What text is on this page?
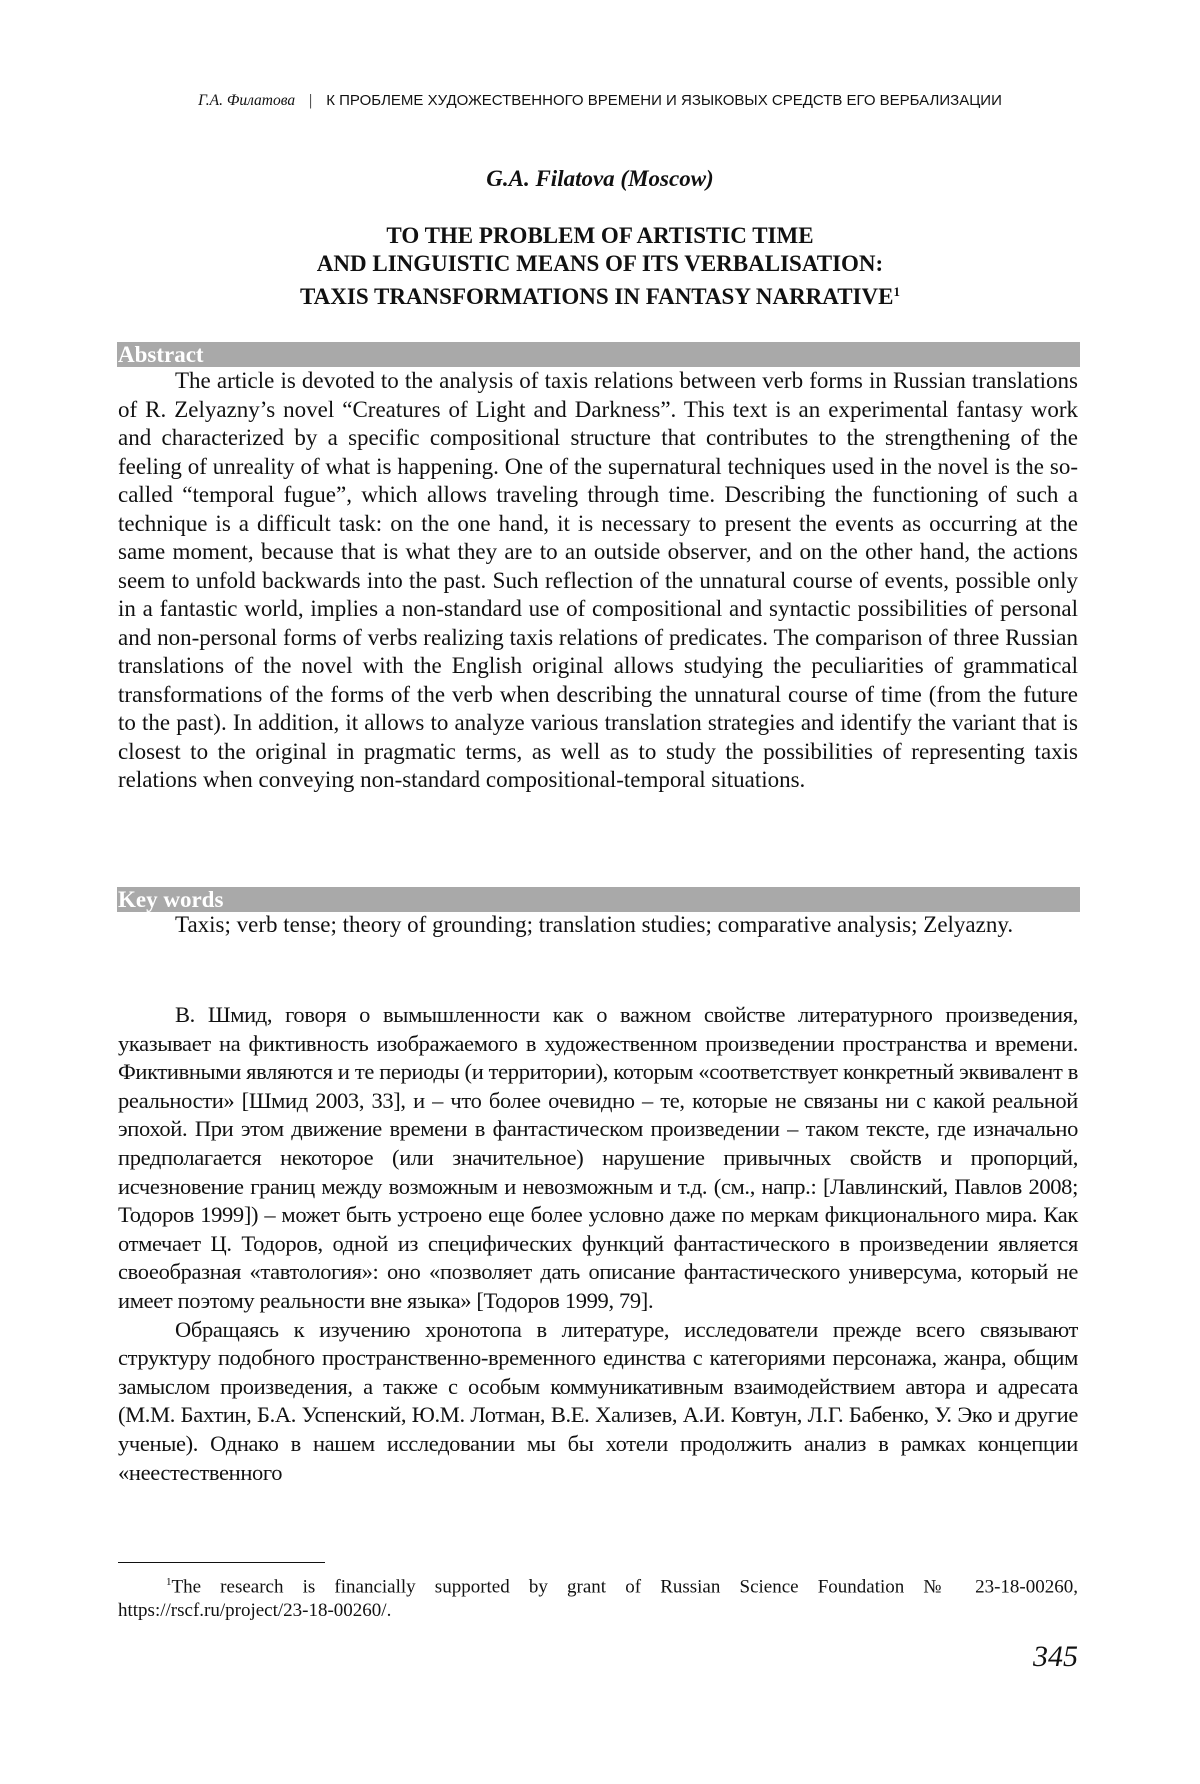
Г.А. Филатова | К ПРОБЛЕМЕ ХУДОЖЕСТВЕННОГО ВРЕМЕНИ И ЯЗЫКОВЫХ СРЕДСТВ ЕГО ВЕРБАЛИЗАЦИИ
G.A. Filatova (Moscow)
TO THE PROBLEM OF ARTISTIC TIME
AND LINGUISTIC MEANS OF ITS VERBALISATION:
TAXIS TRANSFORMATIONS IN FANTASY NARRATIVE$^1$
Abstract

The article is devoted to the analysis of taxis relations between verb forms in Russian translations of R. Zelyazny’s novel “Creatures of Light and Darkness”. This text is an experimental fantasy work and characterized by a specific compositional structure that contributes to the strengthening of the feeling of unreality of what is happening. One of the supernatural techniques used in the novel is the so-called “temporal fugue”, which allows traveling through time. Describing the functioning of such a technique is a difficult task: on the one hand, it is necessary to present the events as occurring at the same moment, because that is what they are to an outside observer, and on the other hand, the actions seem to unfold backwards into the past. Such reflection of the unnatural course of events, possible only in a fantastic world, implies a non-standard use of compositional and syntactic possibilities of personal and non-personal forms of verbs realizing taxis relations of predicates. The comparison of three Russian translations of the novel with the English original allows studying the peculiarities of grammatical transformations of the forms of the verb when describing the unnatural course of time (from the future to the past). In addition, it allows to analyze various translation strategies and identify the variant that is closest to the original in pragmatic terms, as well as to study the possibilities of representing taxis relations when conveying non-standard compositional-temporal situations.

Key words

Taxis; verb tense; theory of grounding; translation studies; comparative analysis; Zelyazny.

В. Шмид, говоря о вымышленности как о важном свойстве литературного произведения, указывает на фиктивность изображаемого в художественном произведении пространства и времени. Фиктивными являются и те периоды (и территории), которым «соответствует конкретный эквивалент в реальности» [Шмид 2003, 33], и – что более очевидно – те, которые не связаны ни с какой реальной эпохой. При этом движение времени в фантастическом произведении – таком тексте, где изначально предполагается некоторое (или значительное) нарушение привычных свойств и пропорций, исчезновение границ между возможным и невозможным и т.д. (см., напр.: [Лавлинский, Павлов 2008; Тодоров 1999]) – может быть устроено еще более условно даже по меркам фикционального мира. Как отмечает Ц. Тодоров, одной из специфических функций фантастического в произведении является своеобразная «тавтология»: оно «позволяет дать описание фантастического универсума, который не имеет поэтому реальности вне языка» [Тодоров 1999, 79].

Обращаясь к изучению хронотопа в литературе, исследователи прежде всего связывают структуру подобного пространственно-временного единства с категориями персонажа, жанра, общим замыслом произведения, а также с особым коммуникативным взаимодействием автора и адресата (М.М. Бахтин, Б.А. Успенский, Ю.М. Лотман, В.Е. Хализев, А.И. Ковтун, Л.Г. Бабенко, У. Эко и другие ученые). Однако в нашем исследовании мы бы хотели продолжить анализ в рамках концепции «неестественного

$^1$The research is financially supported by grant of Russian Science Foundation № 23-18-00260, https://rscf.ru/project/23-18-00260/.
345
